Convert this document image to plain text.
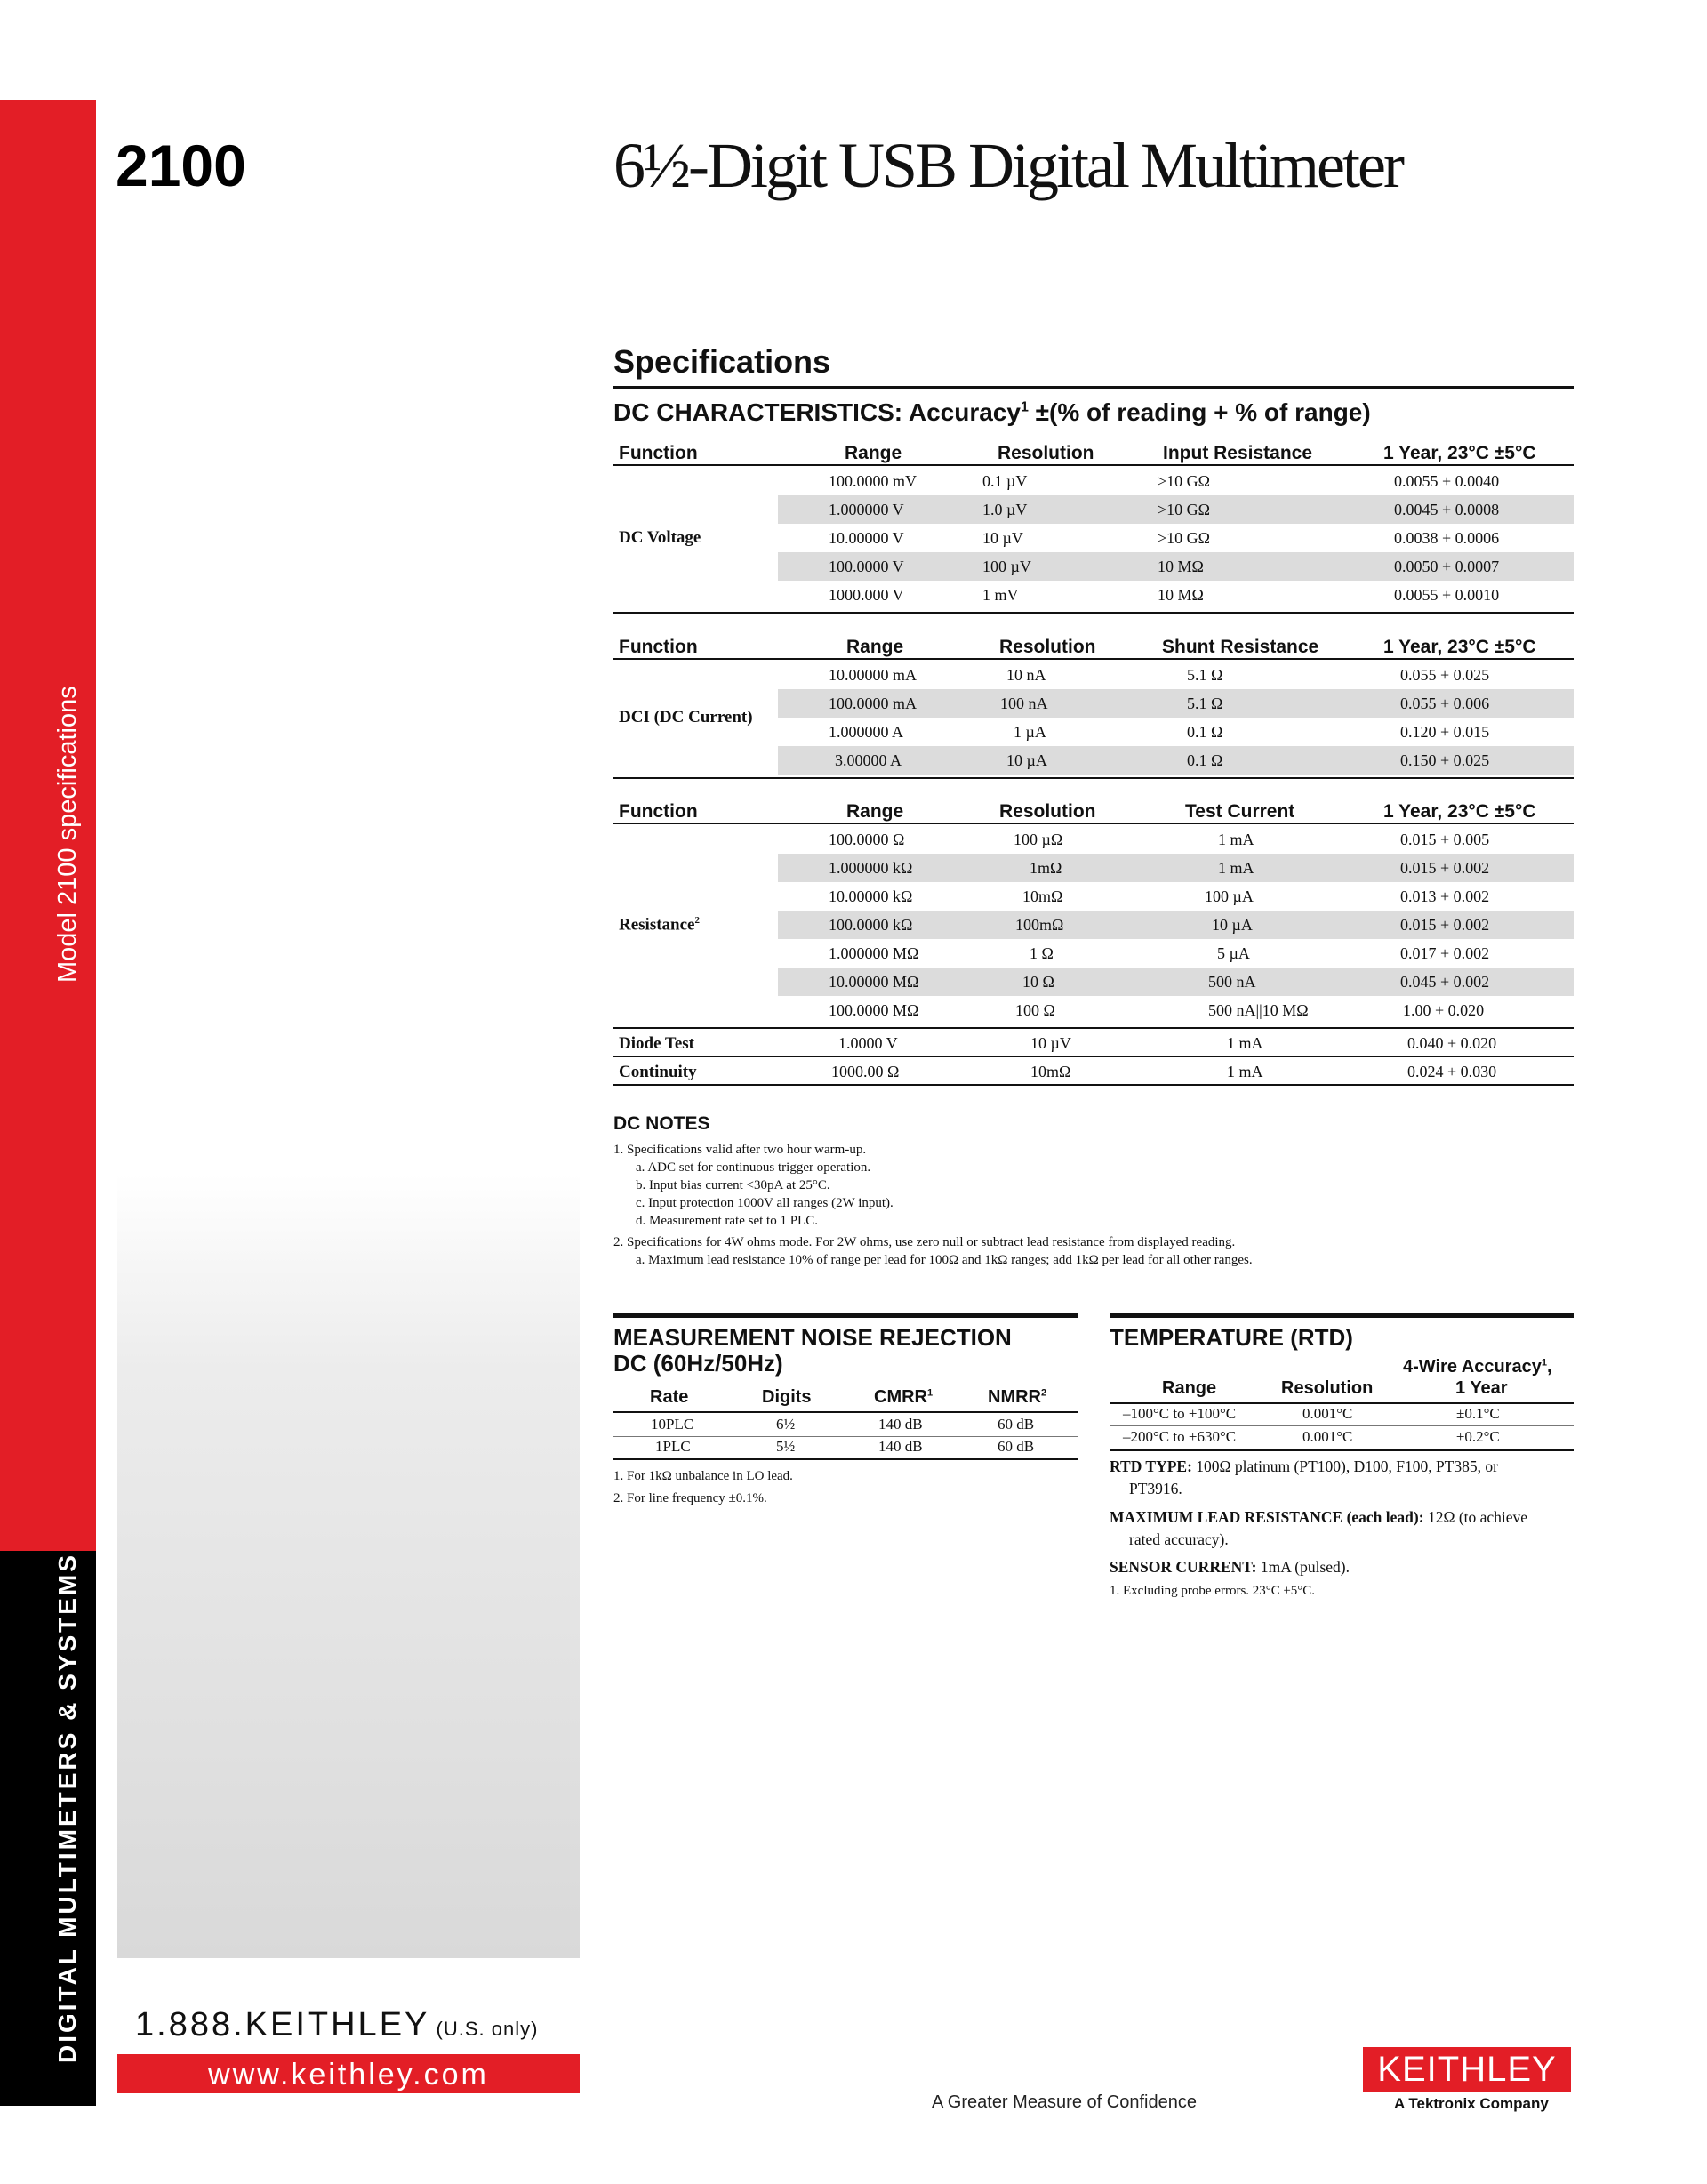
Model 2100 specifications
DIGITAL MULTIMETERS & SYSTEMS
2100	6½-Digit USB Digital Multimeter
Specifications
DC CHARACTERISTICS: Accuracy$^1$ ±(% of reading + % of range)
Function	Range	Resolution	Input Resistance	1 Year, 23°C ±5°C
DC Voltage
100.0000 mV	0.1 µV	>10 GΩ	0.0055 + 0.0040
1.000000 V	1.0 µV	>10 GΩ	0.0045 + 0.0008
10.00000 V	10 µV	>10 GΩ	0.0038 + 0.0006
100.0000 V	100 µV	10 MΩ	0.0050 + 0.0007
1000.000 V	1 mV	10 MΩ	0.0055 + 0.0010
Function	Range	Resolution	Shunt Resistance	1 Year, 23°C ±5°C
DCI (DC Current)
10.00000 mA	10 nA	5.1 Ω	0.055 + 0.025
100.0000 mA	100 nA	5.1 Ω	0.055 + 0.006
1.000000 A	1 µA	0.1 Ω	0.120 + 0.015
3.00000 A	10 µA	0.1 Ω	0.150 + 0.025
Function	Range	Resolution	Test Current	1 Year, 23°C ±5°C
Resistance$^2$
100.0000 Ω	100 µΩ	1 mA	0.015 + 0.005
1.000000 kΩ	1mΩ	1 mA	0.015 + 0.002
10.00000 kΩ	10mΩ	100 µA	0.013 + 0.002
100.0000 kΩ	100mΩ	10 µA	0.015 + 0.002
1.000000 MΩ	1 Ω	5 µA	0.017 + 0.002
10.00000 MΩ	10 Ω	500 nA	0.045 + 0.002
100.0000 MΩ	100 Ω	500 nA||10 MΩ	1.00 + 0.020
Diode Test	1.0000 V	10 µV	1 mA	0.040 + 0.020
Continuity	1000.00 Ω	10mΩ	1 mA	0.024 + 0.030
DC NOTES
1. Specifications valid after two hour warm-up.
a. ADC set for continuous trigger operation.
b. Input bias current <30pA at 25°C.
c. Input protection 1000V all ranges (2W input).
d. Measurement rate set to 1 PLC.
2. Specifications for 4W ohms mode. For 2W ohms, use zero null or subtract lead resistance from displayed reading.
a. Maximum lead resistance 10% of range per lead for 100Ω and 1kΩ ranges; add 1kΩ per lead for all other ranges.
MEASUREMENT NOISE REJECTION
DC (60Hz/50Hz)
Rate	Digits	CMRR$^1$	NMRR$^2$
10PLC	6½	140 dB	60 dB
1PLC	5½	140 dB	60 dB
1. For 1kΩ unbalance in LO lead.
2. For line frequency ±0.1%.
TEMPERATURE (RTD)
4-Wire Accuracy$^1$,
Range	Resolution	1 Year
–100°C to +100°C	0.001°C	±0.1°C
–200°C to +630°C	0.001°C	±0.2°C
RTD TYPE: 100Ω platinum (PT100), D100, F100, PT385, or
PT3916.
MAXIMUM LEAD RESISTANCE (each lead): 12Ω (to achieve
rated accuracy).
SENSOR CURRENT: 1mA (pulsed).
1. Excluding probe errors. 23°C ±5°C.
1.888.KEITHLEY (U.S. only)
www.keithley.com
A Greater Measure of Confidence
KEITHLEY
A Tektronix Company
